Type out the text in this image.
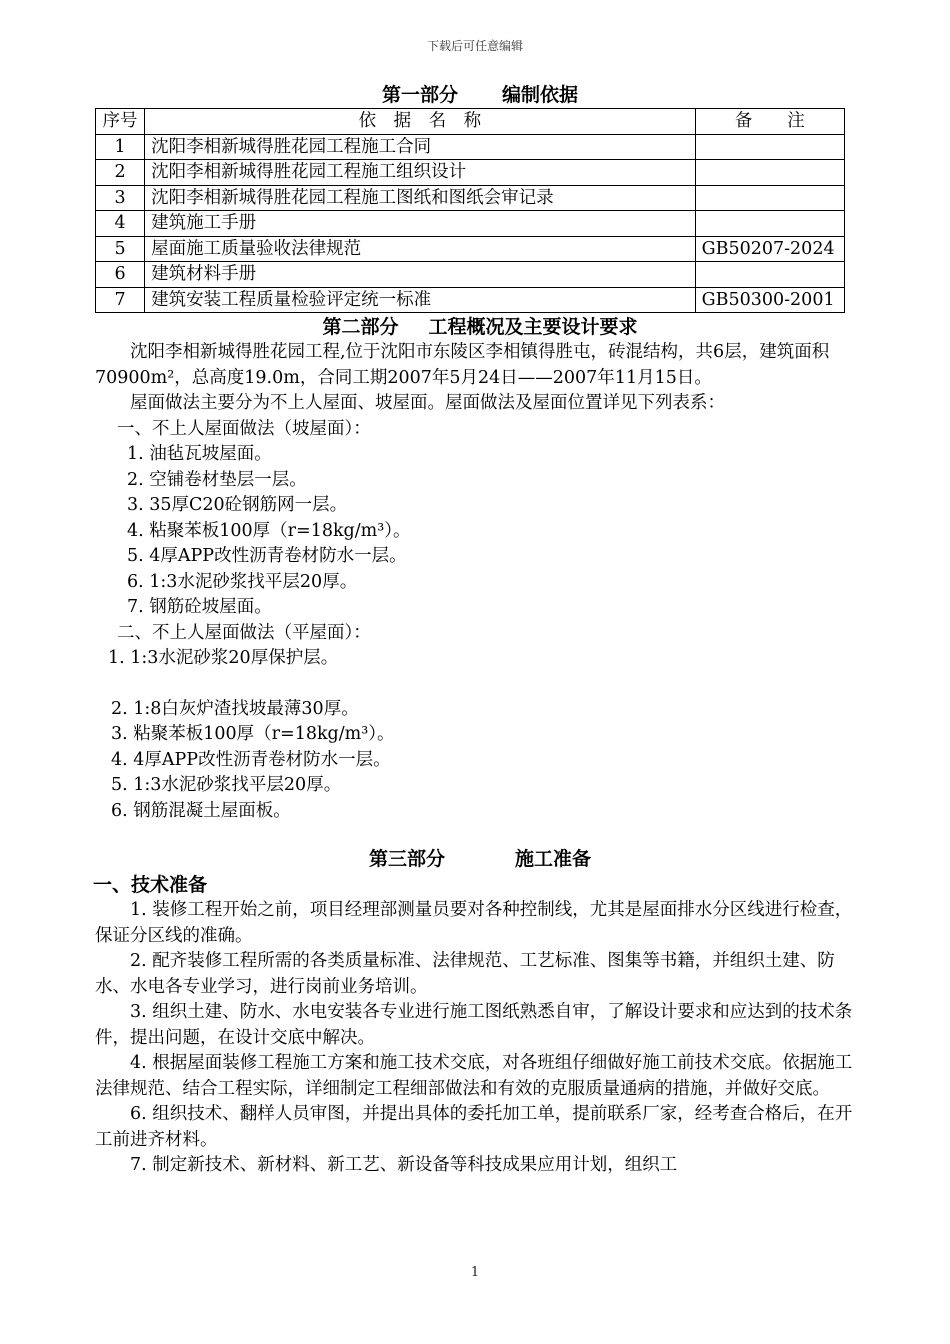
下载后可任意编辑
第一部分 编制依据
序号	依　据　名　称	备　　注
1	沈阳李相新城得胜花园工程施工合同	
2	沈阳李相新城得胜花园工程施工组织设计	
3	沈阳李相新城得胜花园工程施工图纸和图纸会审记录	
4	建筑施工手册	
5	屋面施工质量验收法律规范	GB50207-2024
6	建筑材料手册	
7	建筑安装工程质量检验评定统一标准	GB50300-2001
第二部分 工程概况及主要设计要求

沈阳李相新城得胜花园工程,位于沈阳市东陵区李相镇得胜屯，砖混结构，共6层，建筑面积70900m²，总高度19.0m，合同工期2007年5月24日——2007年11月15日。

屋面做法主要分为不上人屋面、坡屋面。屋面做法及屋面位置详见下列表系：

一、不上人屋面做法（坡屋面）：

1. 油毡瓦坡屋面。

2. 空铺卷材垫层一层。

3. 35厚C20砼钢筋网一层。

4. 粘聚苯板100厚（r=18kg/m³）。

5. 4厚APP改性沥青卷材防水一层。

6. 1:3水泥砂浆找平层20厚。

7. 钢筋砼坡屋面。

二、不上人屋面做法（平屋面）：

1. 1:3水泥砂浆20厚保护层。

2. 1:8白灰炉渣找坡最薄30厚。

3. 粘聚苯板100厚（r=18kg/m³）。

4. 4厚APP改性沥青卷材防水一层。

5. 1:3水泥砂浆找平层20厚。

6. 钢筋混凝土屋面板。

第三部分	施工准备
一、技术准备

1. 装修工程开始之前，项目经理部测量员要对各种控制线，尤其是屋面排水分区线进行检查，保证分区线的准确。

2. 配齐装修工程所需的各类质量标准、法律规范、工艺标准、图集等书籍，并组织土建、防水、水电各专业学习，进行岗前业务培训。

3. 组织土建、防水、水电安装各专业进行施工图纸熟悉自审，了解设计要求和应达到的技术条件，提出问题，在设计交底中解决。

4. 根据屋面装修工程施工方案和施工技术交底，对各班组仔细做好施工前技术交底。依据施工法律规范、结合工程实际，详细制定工程细部做法和有效的克服质量通病的措施，并做好交底。

6. 组织技术、翻样人员审图，并提出具体的委托加工单，提前联系厂家，经考查合格后，在开工前进齐材料。

7. 制定新技术、新材料、新工艺、新设备等科技成果应用计划，组织工

1
